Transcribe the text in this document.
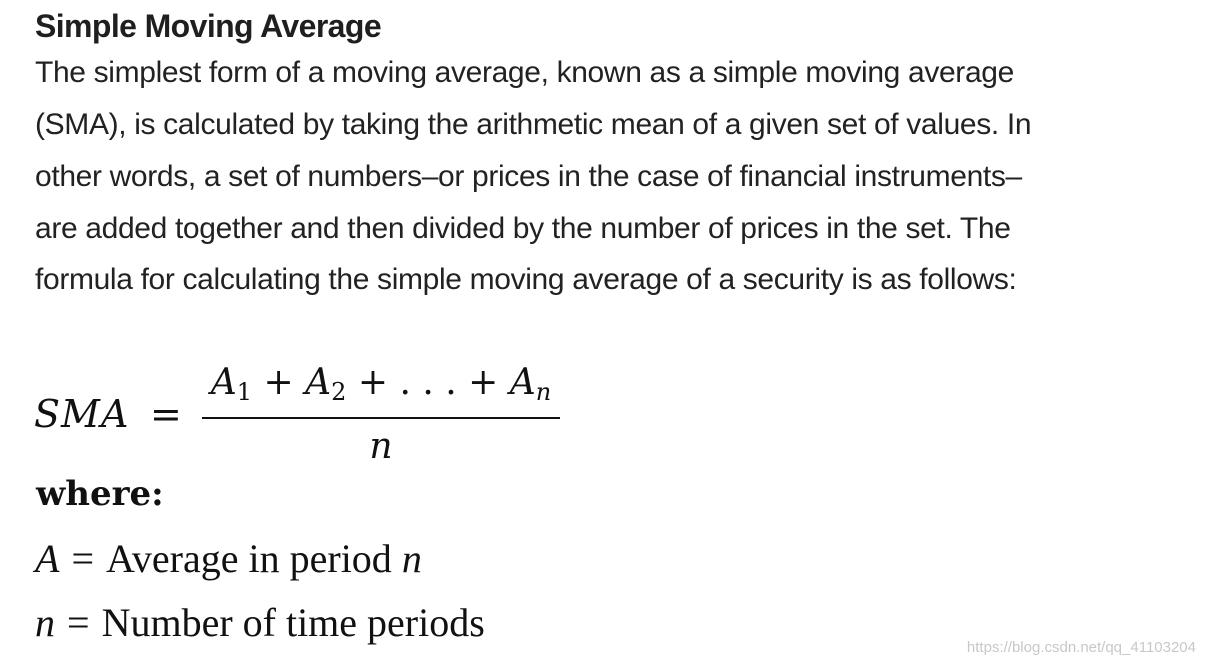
Simple Moving Average
The simplest form of a moving average, known as a simple moving average
(SMA), is calculated by taking the arithmetic mean of a given set of values. In
other words, a set of numbers–or prices in the case of financial instruments–
are added together and then divided by the number of prices in the set. The
formula for calculating the simple moving average of a security is as follows:
SMA =
$A_1 + A_2$ + . . . + $A_n$
n
where:
A = Average in period n
n = Number of time periods
https://blog.csdn.net/qq_41103204
